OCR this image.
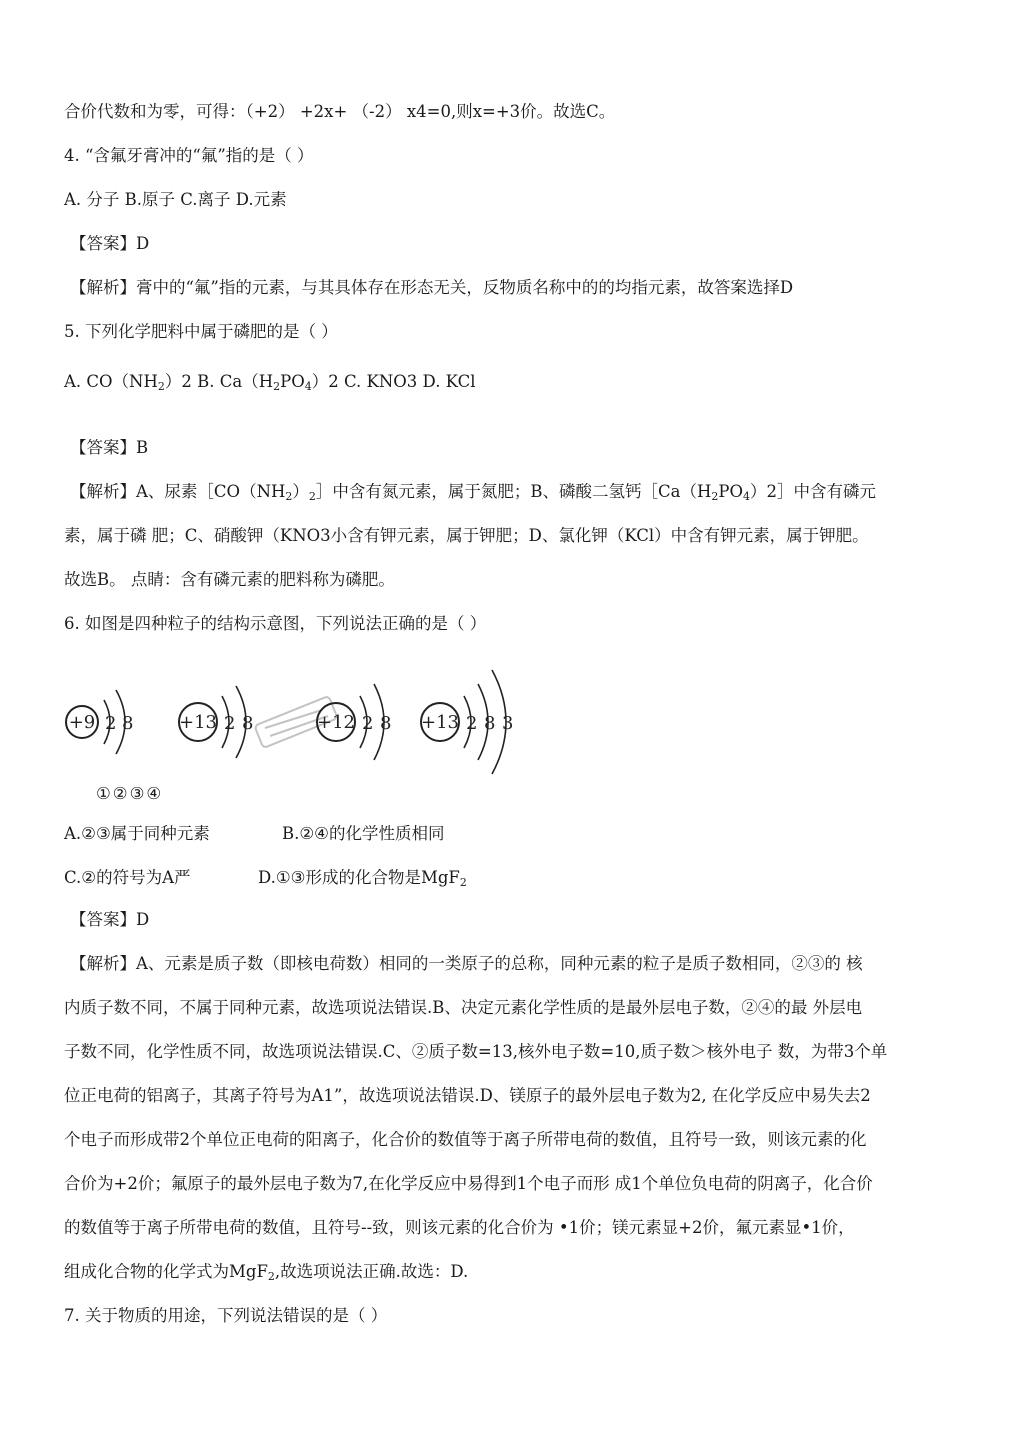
合价代数和为零，可得：（+2） +2x+ （-2） x4=0,则x=+3价。故选C。
4. “含氟牙膏冲的“氟”指的是（ ）
A. 分子 B.原子 C.离子 D.元素
【答案】D
【解析】膏中的“氟”指的元素，与其具体存在形态无关，反物质名称中的的均指元素，故答案选择D
5. 下列化学肥料中属于磷肥的是（ ）
A. $CO(NH_2)2$ B. $Ca(H_2PO_4)2$ C. KNO3 D. KCl
【答案】B
【解析】A、尿素$[CO(NH_2)_2]$中含有氮元素，属于氮肥；B、磷酸二氢钙$[Ca(H_2PO_4)2]$中含有磷元
素，属于磷 肥；C、硝酸钾（KNO3小含有钾元素，属于钾肥；D、氯化钾（KCl）中含有钾元素，属于钾肥。
故选B。 点睛：含有磷元素的肥料称为磷肥。
6. 如图是四种粒子的结构示意图，下列说法正确的是（ ）
+9 2 8	+13 2 8	+12 2 8 +13 2 8 3
①②③④
A.②③属于同种元素	B.②④的化学性质相同
C.②的符号为A严	D.①③形成的化合物是MgF$_2$
【答案】D
【解析】A、元素是质子数（即核电荷数）相同的一类原子的总称，同种元素的粒子是质子数相同，②③的 核
内质子数不同，不属于同种元素，故选项说法错误.B、决定元素化学性质的是最外层电子数，②④的最 外层电
子数不同，化学性质不同，故选项说法错误.C、②质子数=13,核外电子数=10,质子数＞核外电子 数，为带3个单
位正电荷的铝离子，其离子符号为A1”，故选项说法错误.D、镁原子的最外层电子数为2, 在化学反应中易失去2
个电子而形成带2个单位正电荷的阳离子，化合价的数值等于离子所带电荷的数值，且符号一致，则该元素的化
合价为+2价；氟原子的最外层电子数为7,在化学反应中易得到1个电子而形 成1个单位负电荷的阴离子，化合价
的数值等于离子所带电荷的数值，且符号--致，则该元素的化合价为 •1价；镁元素显+2价，氟元素显•1价，
组成化合物的化学式为MgF$_2$,故选项说法正确.故选：D.
7. 关于物质的用途，下列说法错误的是（ ）
